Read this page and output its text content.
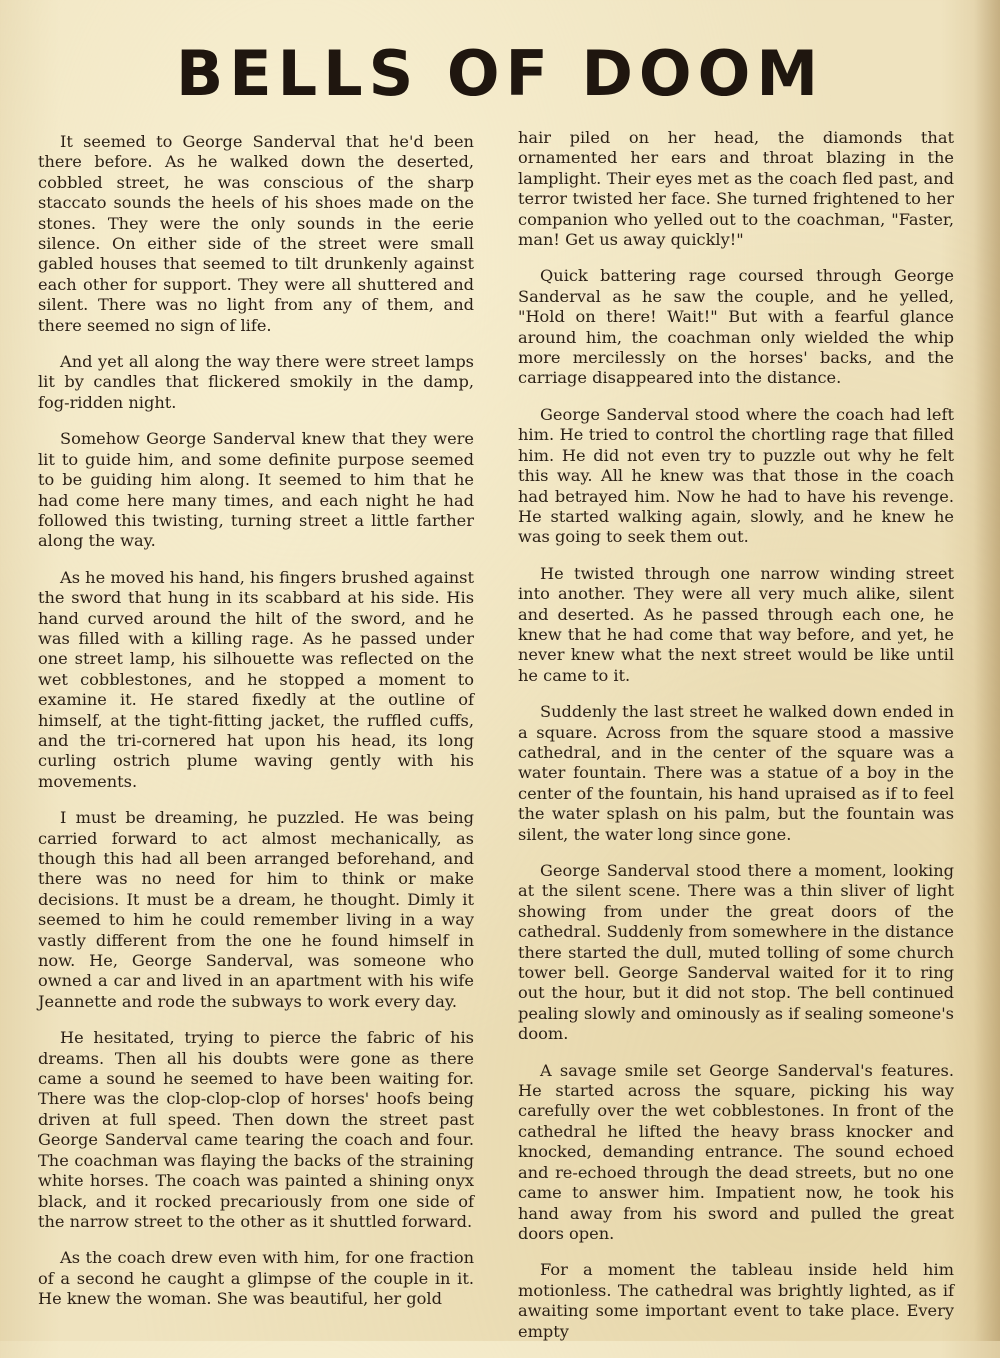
BELLS OF DOOM

It seemed to George Sanderval that he'd been there before. As he walked down the deserted, cobbled street, he was conscious of the sharp staccato sounds the heels of his shoes made on the stones. They were the only sounds in the eerie silence. On either side of the street were small gabled houses that seemed to tilt drunkenly against each other for support. They were all shuttered and silent. There was no light from any of them, and there seemed no sign of life.

And yet all along the way there were street lamps lit by candles that flickered smokily in the damp, fog-ridden night.

Somehow George Sanderval knew that they were lit to guide him, and some definite purpose seemed to be guiding him along. It seemed to him that he had come here many times, and each night he had followed this twisting, turning street a little farther along the way.

As he moved his hand, his fingers brushed against the sword that hung in its scabbard at his side. His hand curved around the hilt of the sword, and he was filled with a killing rage. As he passed under one street lamp, his silhouette was reflected on the wet cobblestones, and he stopped a moment to examine it. He stared fixedly at the outline of himself, at the tight-fitting jacket, the ruffled cuffs, and the tri-cornered hat upon his head, its long curling ostrich plume waving gently with his movements.

I must be dreaming, he puzzled. He was being carried forward to act almost mechanically, as though this had all been arranged beforehand, and there was no need for him to think or make decisions. It must be a dream, he thought. Dimly it seemed to him he could remember living in a way vastly different from the one he found himself in now. He, George Sanderval, was someone who owned a car and lived in an apartment with his wife Jeannette and rode the subways to work every day.

He hesitated, trying to pierce the fabric of his dreams. Then all his doubts were gone as there came a sound he seemed to have been waiting for. There was the clop-clop-clop of horses' hoofs being driven at full speed. Then down the street past George Sanderval came tearing the coach and four. The coachman was flaying the backs of the straining white horses. The coach was painted a shining onyx black, and it rocked precariously from one side of the narrow street to the other as it shuttled forward.

As the coach drew even with him, for one fraction of a second he caught a glimpse of the couple in it. He knew the woman. She was beautiful, her gold

hair piled on her head, the diamonds that ornamented her ears and throat blazing in the lamplight. Their eyes met as the coach fled past, and terror twisted her face. She turned frightened to her companion who yelled out to the coachman, "Faster, man! Get us away quickly!"

Quick battering rage coursed through George Sanderval as he saw the couple, and he yelled, "Hold on there! Wait!" But with a fearful glance around him, the coachman only wielded the whip more mercilessly on the horses' backs, and the carriage disappeared into the distance.

George Sanderval stood where the coach had left him. He tried to control the chortling rage that filled him. He did not even try to puzzle out why he felt this way. All he knew was that those in the coach had betrayed him. Now he had to have his revenge. He started walking again, slowly, and he knew he was going to seek them out.

He twisted through one narrow winding street into another. They were all very much alike, silent and deserted. As he passed through each one, he knew that he had come that way before, and yet, he never knew what the next street would be like until he came to it.

Suddenly the last street he walked down ended in a square. Across from the square stood a massive cathedral, and in the center of the square was a water fountain. There was a statue of a boy in the center of the fountain, his hand upraised as if to feel the water splash on his palm, but the fountain was silent, the water long since gone.

George Sanderval stood there a moment, looking at the silent scene. There was a thin sliver of light showing from under the great doors of the cathedral. Suddenly from somewhere in the distance there started the dull, muted tolling of some church tower bell. George Sanderval waited for it to ring out the hour, but it did not stop. The bell continued pealing slowly and ominously as if sealing someone's doom.

A savage smile set George Sanderval's features. He started across the square, picking his way carefully over the wet cobblestones. In front of the cathedral he lifted the heavy brass knocker and knocked, demanding entrance. The sound echoed and re-echoed through the dead streets, but no one came to answer him. Impatient now, he took his hand away from his sword and pulled the great doors open.

For a moment the tableau inside held him motionless. The cathedral was brightly lighted, as if awaiting some important event to take place. Every empty
